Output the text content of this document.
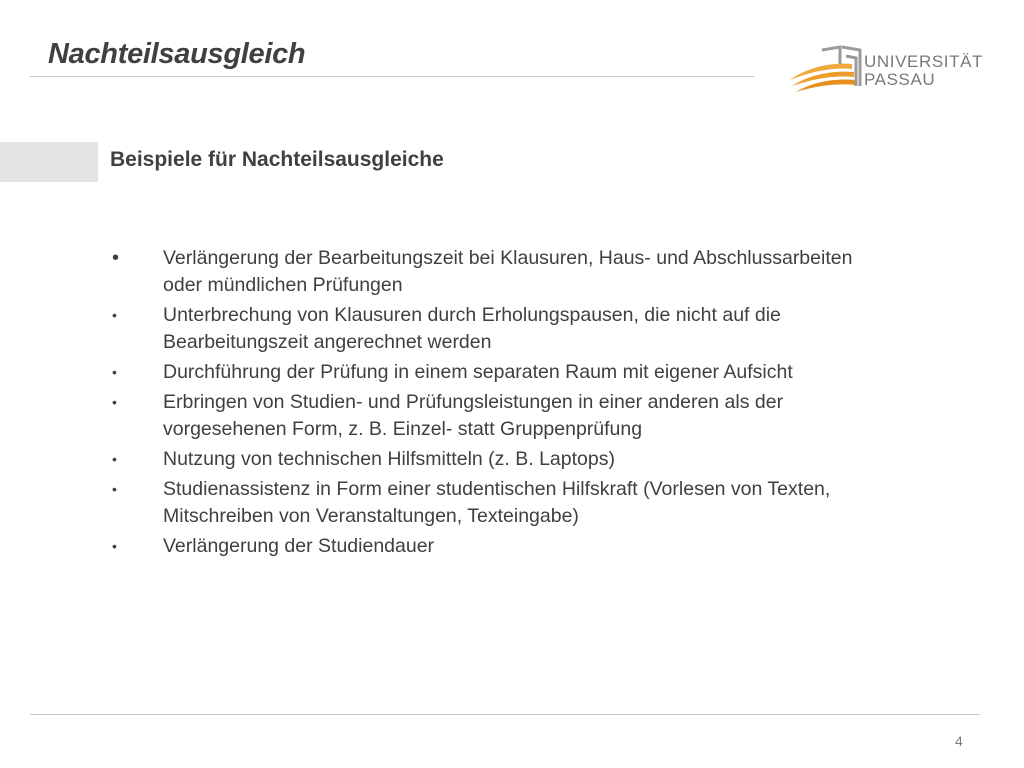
Nachteilsausgleich	UNIVERSITÄT
PASSAU
Beispiele für Nachteilsausgleiche
• Verlängerung der Bearbeitungszeit bei Klausuren, Haus- und Abschlussarbeiten
oder mündlichen Prüfungen
• Unterbrechung von Klausuren durch Erholungspausen, die nicht auf die
Bearbeitungszeit angerechnet werden
• Durchführung der Prüfung in einem separaten Raum mit eigener Aufsicht
• Erbringen von Studien- und Prüfungsleistungen in einer anderen als der
vorgesehenen Form, z. B. Einzel- statt Gruppenprüfung
• Nutzung von technischen Hilfsmitteln (z. B. Laptops)
• Studienassistenz in Form einer studentischen Hilfskraft (Vorlesen von Texten,
Mitschreiben von Veranstaltungen, Texteingabe)
• Verlängerung der Studiendauer
4
